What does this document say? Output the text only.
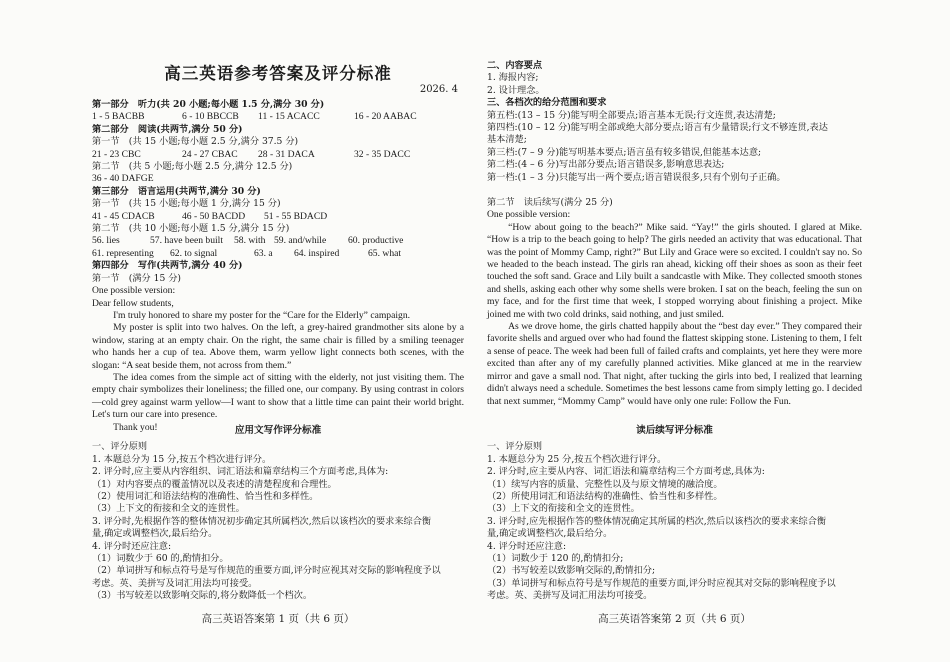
高三英语参考答案及评分标准
2026. 4
第一部分　听力(共 20 小题;每小题 1.5 分,满分 30 分)
1 - 5 BACBB	6 - 10 BBCCB	11 - 15 ACACC	16 - 20 AABAC
第二部分　阅读(共两节,满分 50 分)
第一节　(共 15 小题;每小题 2.5 分,满分 37.5 分)
21 - 23 CBC	24 - 27 CBAC	28 - 31 DACA	32 - 35 DACC
第二节　(共 5 小题;每小题 2.5 分,满分 12.5 分)
36 - 40 DAFGE
第三部分　语言运用(共两节,满分 30 分)
第一节　(共 15 小题;每小题 1 分,满分 15 分)
41 - 45 CDACB	46 - 50 BACDD	51 - 55 BDACD
第二节　(共 10 小题;每小题 1.5 分,满分 15 分)
56. lies	57. have been built	58. with 59. and/while	60. productive
61. representing	62. to signal	63. a	64. inspired	65. what
第四部分　写作(共两节,满分 40 分)
第一节　(满分 15 分)
One possible version:
Dear fellow students,
I'm truly honored to share my poster for the “Care for the Elderly” campaign.
My poster is split into two halves. On the left, a grey-haired grandmother sits alone by a window, staring at an empty chair. On the right, the same chair is filled by a smiling teenager who hands her a cup of tea. Above them, warm yellow light connects both scenes, with the slogan: “A seat beside them, not across from them.”
The idea comes from the simple act of sitting with the elderly, not just visiting them. The empty chair symbolizes their loneliness; the filled one, our company. By using contrast in colors—cold grey against warm yellow—I want to show that a little time can paint their world bright. Let's turn our care into presence.
Thank you!	应用文写作评分标准
一、评分原则
1. 本题总分为 15 分,按五个档次进行评分。
2. 评分时,应主要从内容组织、词汇语法和篇章结构三个方面考虑,具体为:
（1）对内容要点的覆盖情况以及表述的清楚程度和合理性。
（2）使用词汇和语法结构的准确性、恰当性和多样性。
（3）上下文的衔接和全文的连贯性。
3. 评分时,先根据作答的整体情况初步确定其所属档次,然后以该档次的要求来综合衡
量,确定或调整档次,最后给分。
4. 评分时还应注意:
（1）词数少于 60 的,酌情扣分。
（2）单词拼写和标点符号是写作规范的重要方面,评分时应视其对交际的影响程度予以
考虑。英、美拼写及词汇用法均可接受。
（3）书写较差以致影响交际的,将分数降低一个档次。
高三英语答案第 1 页（共 6 页）
二、内容要点
1. 海报内容;
2. 设计理念。
三、各档次的给分范围和要求
第五档:(13 – 15 分)能写明全部要点;语言基本无误;行文连贯,表达清楚;
第四档:(10 – 12 分)能写明全部或绝大部分要点;语言有少量错误;行文不够连贯,表达
基本清楚;
第三档:(7 – 9 分)能写明基本要点;语言虽有较多错误,但能基本达意;
第二档:(4 – 6 分)写出部分要点;语言错误多,影响意思表达;
第一档:(1 – 3 分)只能写出一两个要点;语言错误很多,只有个别句子正确。
第二节　读后续写(满分 25 分)
One possible version:
“How about going to the beach?” Mike said. “Yay!” the girls shouted. I glared at Mike. “How is a trip to the beach going to help? The girls needed an activity that was educational. That was the point of Mommy Camp, right?” But Lily and Grace were so excited. I couldn't say no. So we headed to the beach instead. The girls ran ahead, kicking off their shoes as soon as their feet touched the soft sand. Grace and Lily built a sandcastle with Mike. They collected smooth stones and shells, asking each other why some shells were broken. I sat on the beach, feeling the sun on my face, and for the first time that week, I stopped worrying about finishing a project. Mike joined me with two cold drinks, said nothing, and just smiled.
As we drove home, the girls chatted happily about the “best day ever.” They compared their favorite shells and argued over who had found the flattest skipping stone. Listening to them, I felt a sense of peace. The week had been full of failed crafts and complaints, yet here they were more excited than after any of my carefully planned activities. Mike glanced at me in the rearview mirror and gave a small nod. That night, after tucking the girls into bed, I realized that learning didn't always need a schedule. Sometimes the best lessons came from simply letting go. I decided that next summer, “Mommy Camp” would have only one rule: Follow the Fun.
读后续写评分标准
一、评分原则
1. 本题总分为 25 分,按五个档次进行评分。
2. 评分时,应主要从内容、词汇语法和篇章结构三个方面考虑,具体为:
（1）续写内容的质量、完整性以及与原文情境的融洽度。
（2）所使用词汇和语法结构的准确性、恰当性和多样性。
（3）上下文的衔接和全文的连贯性。
3. 评分时,应先根据作答的整体情况确定其所属的档次,然后以该档次的要求来综合衡
量,确定或调整档次,最后给分。
4. 评分时还应注意:
（1）词数少于 120 的,酌情扣分;
（2）书写较差以致影响交际的,酌情扣分;
（3）单词拼写和标点符号是写作规范的重要方面,评分时应视其对交际的影响程度予以
考虑。英、美拼写及词汇用法均可接受。
高三英语答案第 2 页（共 6 页）
